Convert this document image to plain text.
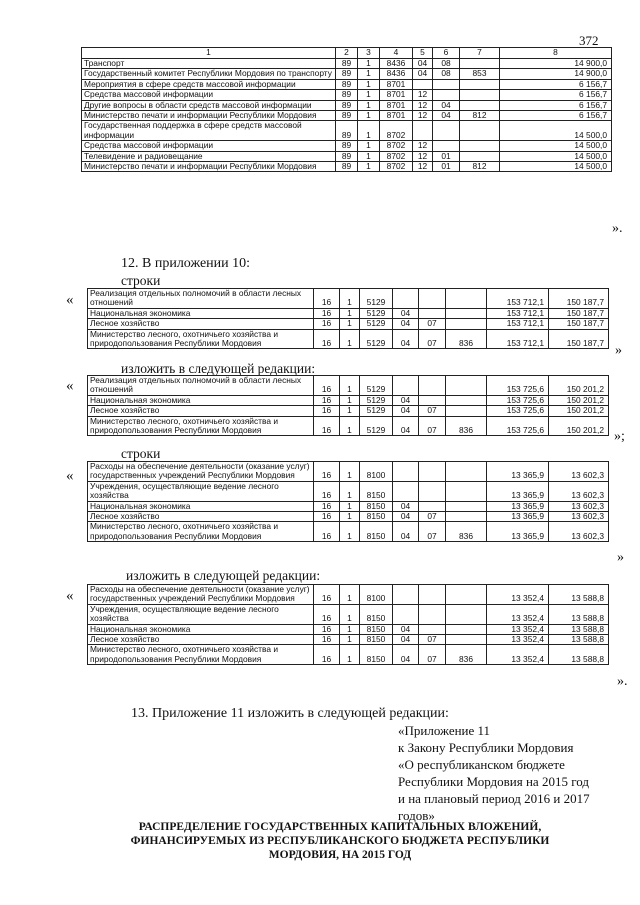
372
1	2	3	4	5	6	7	8
Транспорт	89	1	8436	04	08		14 900,0
Государственный комитет Республики Мордовия по транспорту	89	1	8436	04	08	853	14 900,0
Мероприятия в сфере средств массовой информации	89	1	8701				6 156,7
Средства массовой информации	89	1	8701	12			6 156,7
Другие вопросы в области средств массовой информации	89	1	8701	12	04		6 156,7
Министерство печати и информации Республики Мордовия	89	1	8701	12	04	812	6 156,7
Государственная поддержка в сфере средств массовой информации	89	1	8702				14 500,0
Средства массовой информации	89	1	8702	12			14 500,0
Телевидение и радиовещание	89	1	8702	12	01		14 500,0
Министерство печати и информации Республики Мордовия	89	1	8702	12	01	812	14 500,0
».
12. В приложении 10:
строки
« Реализация отдельных полномочий в области лесных отношений	16	1	5129				153 712,1	150 187,7
Национальная экономика	16	1	5129	04			153 712,1	150 187,7
Лесное хозяйство	16	1	5129	04	07		153 712,1	150 187,7
Министерство лесного, охотничьего хозяйства и природопользования Республики Мордовия	16	1	5129	04	07	836	153 712,1	150 187,7 »
изложить в следующей редакции:
« Реализация отдельных полномочий в области лесных отношений	16	1	5129				153 725,6	150 201,2
Национальная экономика	16	1	5129	04			153 725,6	150 201,2
Лесное хозяйство	16	1	5129	04	07		153 725,6	150 201,2
Министерство лесного, охотничьего хозяйства и природопользования Республики Мордовия	16	1	5129	04	07	836	153 725,6	150 201,2 »;
строки
«
Расходы на обеспечение деятельности (оказание услуг) государственных учреждений Республики Мордовия	16	1	8100				13 365,9	13 602,3
Учреждения, осуществляющие ведение лесного хозяйства	16	1	8150				13 365,9	13 602,3
Национальная экономика	16	1	8150	04			13 365,9	13 602,3
Лесное хозяйство	16	1	8150	04	07		13 365,9	13 602,3
Министерство лесного, охотничьего хозяйства и природопользования Республики Мордовия	16	1	8150	04	07	836	13 365,9	13 602,3
»
изложить в следующей редакции:
« Расходы на обеспечение деятельности (оказание услуг) государственных учреждений Республики Мордовия	16	1	8100				13 352,4	13 588,8
Учреждения, осуществляющие ведение лесного хозяйства	16	1	8150				13 352,4	13 588,8
Национальная экономика	16	1	8150	04			13 352,4	13 588,8
Лесное хозяйство	16	1	8150	04	07		13 352,4	13 588,8
Министерство лесного, охотничьего хозяйства и природопользования Республики Мордовия	16	1	8150	04	07	836	13 352,4	13 588,8
».
13. Приложение 11 изложить в следующей редакции:
«Приложение 11
к Закону Республики Мордовия
«О республиканском бюджете
Республики Мордовия на 2015 год
и на плановый период 2016 и 2017
годов»
РАСПРЕДЕЛЕНИЕ ГОСУДАРСТВЕННЫХ КАПИТАЛЬНЫХ ВЛОЖЕНИЙ,
ФИНАНСИРУЕМЫХ ИЗ РЕСПУБЛИКАНСКОГО БЮДЖЕТА РЕСПУБЛИКИ
МОРДОВИЯ, НА 2015 ГОД
